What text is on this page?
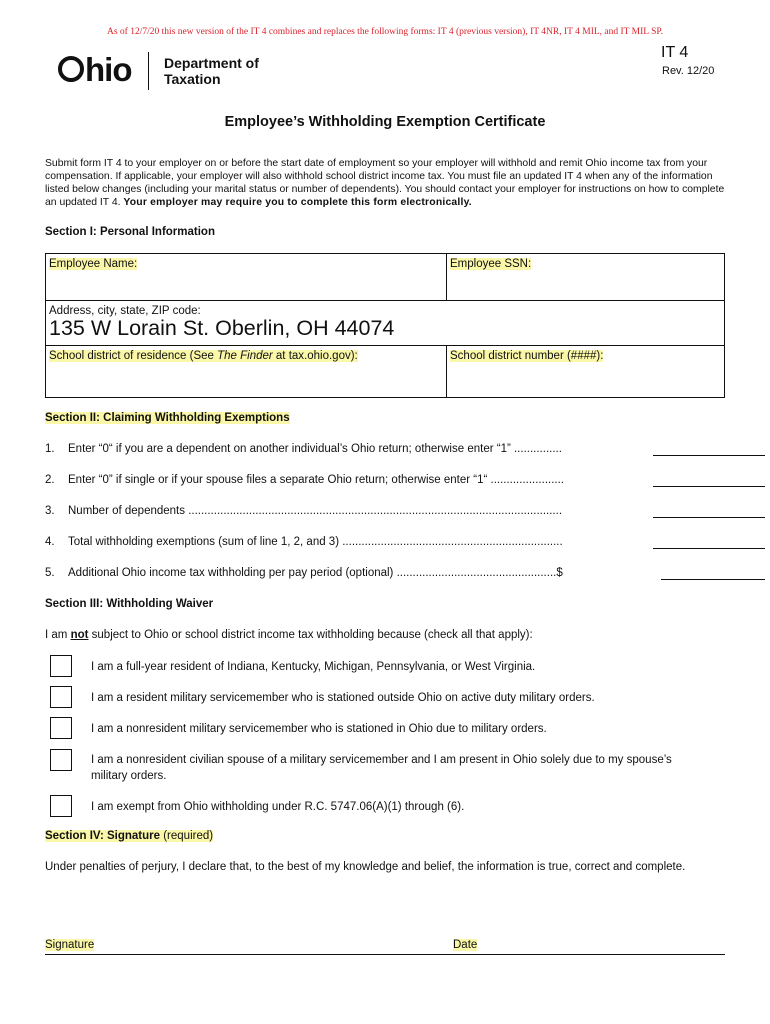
As of 12/7/20 this new version of the IT 4 combines and replaces the following forms: IT 4 (previous version), IT 4NR, IT 4 MIL, and IT MIL SP.
hio Department of
Taxation
IT 4
Rev. 12/20
Employee’s Withholding Exemption Certificate
Submit form IT 4 to your employer on or before the start date of employment so your employer will withhold and remit Ohio income tax from your compensation. If applicable, your employer will also withhold school district income tax. You must file an updated IT 4 when any of the information listed below changes (including your marital status or number of dependents). You should contact your employer for instructions on how to complete an updated IT 4. Your employer may require you to complete this form electronically.
Section I: Personal Information
Employee Name:	Employee SSN:
Address, city, state, ZIP code:
135 W Lorain St. Oberlin, OH 44074
School district of residence (See The Finder at tax.ohio.gov):	School district number (####):
Section II: Claiming Withholding Exemptions
1. Enter “0“ if you are a dependent on another individual’s Ohio return; otherwise enter “1” ...............
2. Enter “0” if single or if your spouse files a separate Ohio return; otherwise enter “1“ .......................
3. Number of dependents .....................................................................................................................
4. Total withholding exemptions (sum of line 1, 2, and 3) .....................................................................
5. Additional Ohio income tax withholding per pay period (optional) ..................................................$
Section III: Withholding Waiver
I am not subject to Ohio or school district income tax withholding because (check all that apply):
I am a full-year resident of Indiana, Kentucky, Michigan, Pennsylvania, or West Virginia.
I am a resident military servicemember who is stationed outside Ohio on active duty military orders.
I am a nonresident military servicemember who is stationed in Ohio due to military orders.
I am a nonresident civilian spouse of a military servicemember and I am present in Ohio solely due to my spouse’s military orders.
I am exempt from Ohio withholding under R.C. 5747.06(A)(1) through (6).
Section IV: Signature (required)
Under penalties of perjury, I declare that, to the best of my knowledge and belief, the information is true, correct and complete.
Signature	Date
